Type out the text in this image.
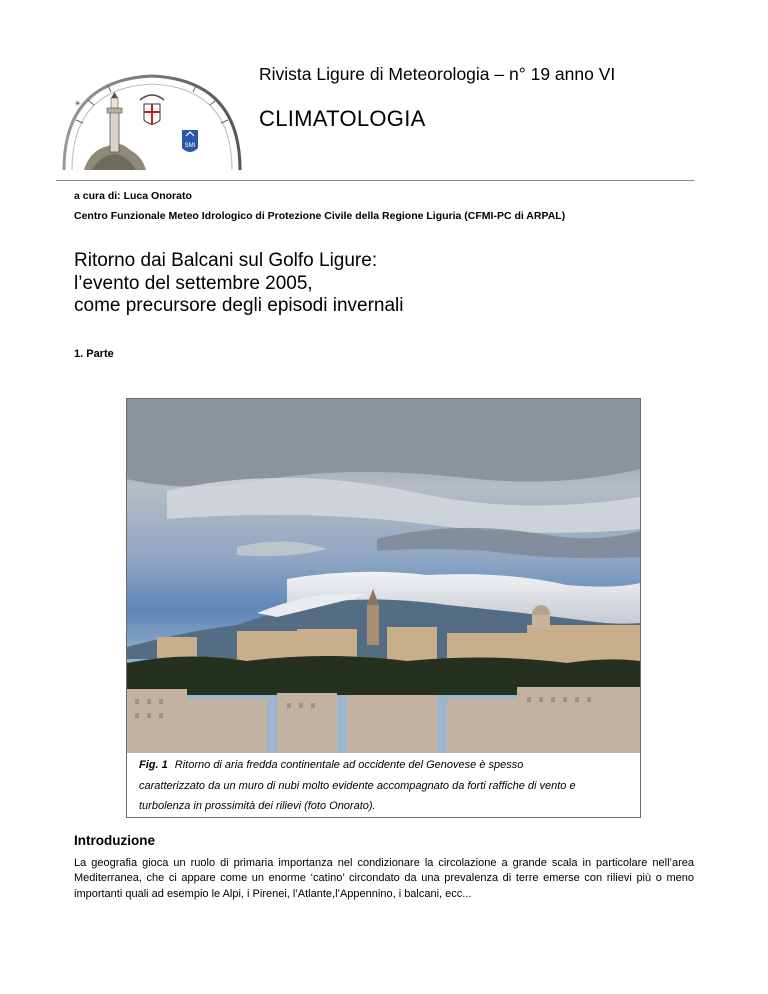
SMI
☀
Rivista Ligure di Meteorologia – n° 19 anno VI
CLIMATOLOGIA
a cura di: Luca Onorato
Centro Funzionale Meteo Idrologico di Protezione Civile della Regione Liguria (CFMI-PC di ARPAL)
Ritorno dai Balcani sul Golfo Ligure:
l’evento del settembre 2005,
come precursore degli episodi invernali
1. Parte
Fig. 1 Ritorno di aria fredda continentale ad occidente del Genovese è spesso
caratterizzato da un muro di nubi molto evidente accompagnato da forti raffiche di vento e
turbolenza in prossimità dei rilievi (foto Onorato).
Introduzione

La geografia gioca un ruolo di primaria importanza nel condizionare la circolazione a grande scala in particolare nell’area Mediterranea, che ci appare come un enorme ‘catino’ circondato da una prevalenza di terre emerse con rilievi più o meno importanti quali ad esempio le Alpi, i Pirenei, l’Atlante,l’Appennino, i balcani, ecc...
